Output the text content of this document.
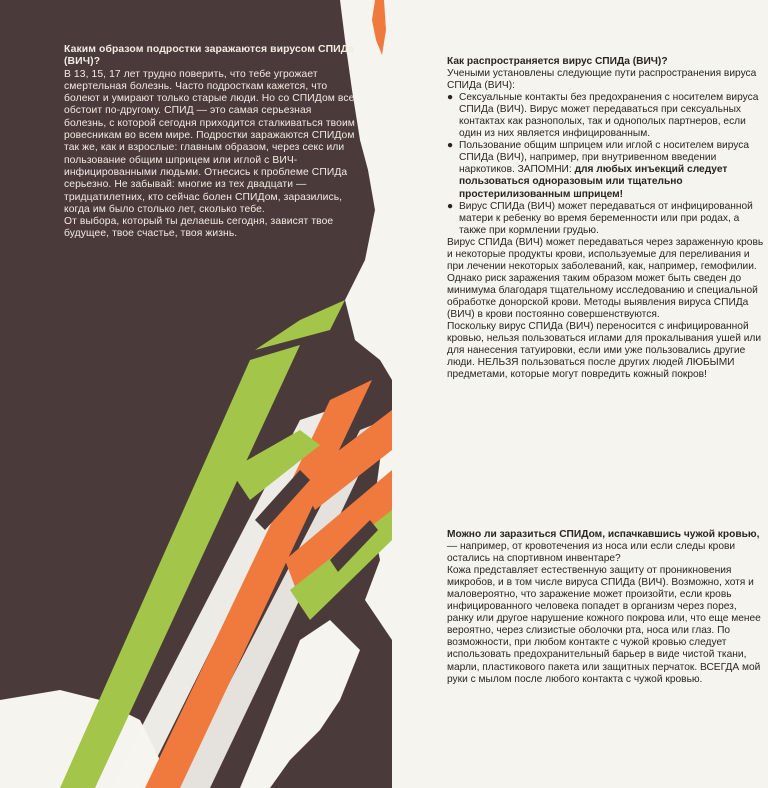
Каким образом подростки заражаются вирусом СПИДа (ВИЧ)?
В 13, 15, 17 лет трудно поверить, что тебе угрожает смертельная болезнь. Часто подросткам кажется, что болеют и умирают только старые люди. Но со СПИДом все обстоит по-другому. СПИД — это самая серьезная болезнь, с которой сегодня приходится сталкиваться твоим ровесникам во всем мире. Подростки заражаются СПИДом так же, как и взрослые: главным образом, через секс или пользование общим шприцем или иглой с ВИЧ-инфицированными людьми. Отнесись к проблеме СПИДа серьезно. Не забывай: многие из тех двадцати — тридцатилетних, кто сейчас болен СПИДом, заразились, когда им было столько лет, сколько тебе.
От выбора, который ты делаешь сегодня, зависят твое будущее, твое счастье, твоя жизнь.
Как распространяется вирус СПИДа (ВИЧ)?
Учеными установлены следующие пути распространения вируса СПИДа (ВИЧ):
● Сексуальные контакты без предохранения с носителем вируса СПИДа (ВИЧ). Вирус может передаваться при сексуальных контактах как разнополых, так и однополых партнеров, если один из них является инфицированным.
● Пользование общим шприцем или иглой с носителем вируса СПИДа (ВИЧ), например, при внутривенном введении наркотиков. ЗАПОМНИ: для любых инъекций следует пользоваться одноразовым или тщательно простерилизованным шприцем!
● Вирус СПИДа (ВИЧ) может передаваться от инфицированной матери к ребенку во время беременности или при родах, а также при кормлении грудью.
Вирус СПИДа (ВИЧ) может передаваться через зараженную кровь и некоторые продукты крови, используемые для переливания и при лечении некоторых заболеваний, как, например, гемофилии. Однако риск заражения таким образом может быть сведен до минимума благодаря тщательному исследованию и специальной обработке донорской крови. Методы выявления вируса СПИДа (ВИЧ) в крови постоянно совершенствуются.
Поскольку вирус СПИДа (ВИЧ) переносится с инфицированной кровью, нельзя пользоваться иглами для прокалывания ушей или для нанесения татуировки, если ими уже пользовались другие люди. НЕЛЬЗЯ пользоваться после других людей ЛЮБЫМИ предметами, которые могут повредить кожный покров!
Можно ли заразиться СПИДом, испачкавшись чужой кровью, — например, от кровотечения из носа или если следы крови остались на спортивном инвентаре?
Кожа представляет естественную защиту от проникновения микробов, и в том числе вируса СПИДа (ВИЧ). Возможно, хотя и маловероятно, что заражение может произойти, если кровь инфицированного человека попадет в организм через порез, ранку или другое нарушение кожного покрова или, что еще менее вероятно, через слизистые оболочки рта, носа или глаз. По возможности, при любом контакте с чужой кровью следует использовать предохранительный барьер в виде чистой ткани, марли, пластикового пакета или защитных перчаток. ВСЕГДА мой руки с мылом после любого контакта с чужой кровью.
